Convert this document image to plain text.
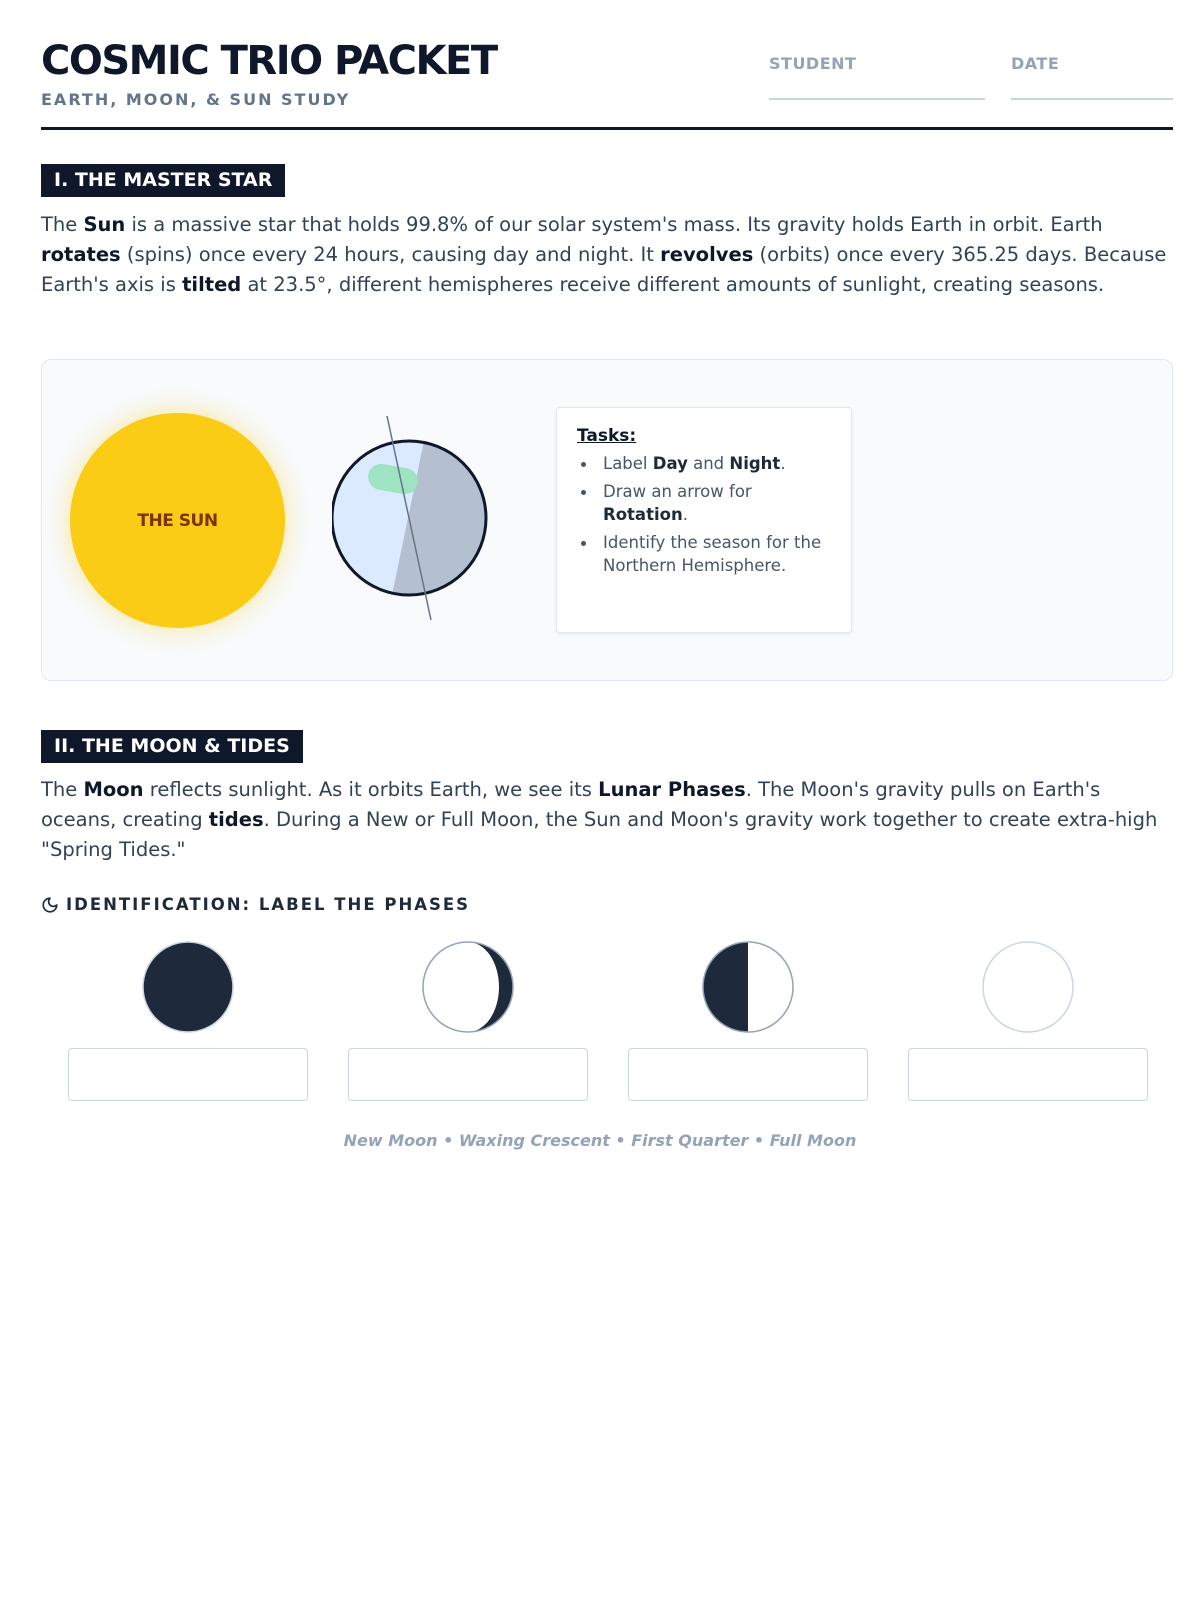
COSMIC TRIO PACKET
EARTH, MOON, & SUN STUDY
STUDENT	DATE
I. THE MASTER STAR
The Sun is a massive star that holds 99.8% of our solar system's mass. Its gravity holds Earth in orbit. Earth rotates (spins) once every 24 hours, causing day and night. It revolves (orbits) once every 365.25 days. Because Earth's axis is tilted at 23.5°, different hemispheres receive different amounts of sunlight, creating seasons.
THE SUN
Tasks:
Label Day and Night.
Draw an arrow for Rotation.
Identify the season for the Northern Hemisphere.
II. THE MOON & TIDES
The Moon reflects sunlight. As it orbits Earth, we see its Lunar Phases. The Moon's gravity pulls on Earth's oceans, creating tides. During a New or Full Moon, the Sun and Moon's gravity work together to create extra-high "Spring Tides."
IDENTIFICATION: LABEL THE PHASES
New Moon • Waxing Crescent • First Quarter • Full Moon
